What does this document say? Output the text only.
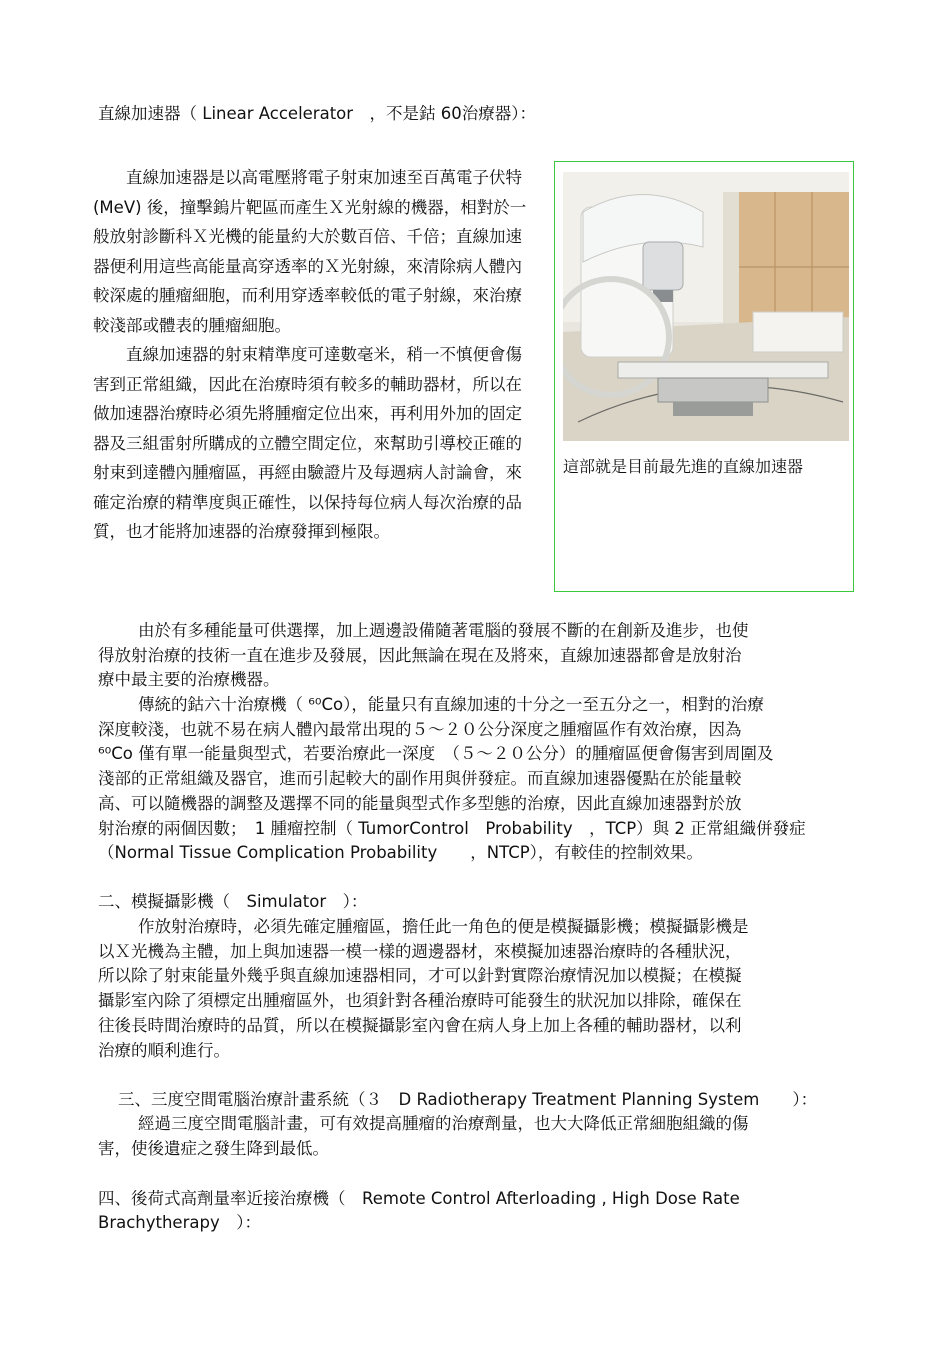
直線加速器（ Linear Accelerator　，不是鈷 60治療器）：

直線加速器是以高電壓將電子射束加速至百萬電子伏特 (MeV) 後，撞擊鎢片靶區而產生Ｘ光射線的機器，相對於一般放射診斷科Ｘ光機的能量約大於數百倍、千倍；直線加速器便利用這些高能量高穿透率的Ｘ光射線，來清除病人體內較深處的腫瘤細胞，而利用穿透率較低的電子射線，來治療較淺部或體表的腫瘤細胞。

直線加速器的射束精準度可達數毫米，稍一不慎便會傷害到正常組織，因此在治療時須有較多的輔助器材，所以在做加速器治療時必須先將腫瘤定位出來，再利用外加的固定器及三組雷射所購成的立體空間定位，來幫助引導校正確的射束到達體內腫瘤區，再經由驗證片及每週病人討論會，來確定治療的精準度與正確性，以保持每位病人每次治療的品質，也才能將加速器的治療發揮到極限。

這部就是目前最先進的直線加速器
由於有多種能量可供選擇，加上週邊設備隨著電腦的發展不斷的在創新及進步，也使
得放射治療的技術一直在進步及發展，因此無論在現在及將來，直線加速器都會是放射治
療中最主要的治療機器。
傳統的鈷六十治療機（ ⁶⁰Co），能量只有直線加速的十分之一至五分之一，相對的治療
深度較淺，也就不易在病人體內最常出現的５～２０公分深度之腫瘤區作有效治療，因為
⁶⁰Co 僅有單一能量與型式，若要治療此一深度　（５～２０公分）的腫瘤區便會傷害到周圍及
淺部的正常組織及器官，進而引起較大的副作用與併發症。而直線加速器優點在於能量較
高、可以隨機器的調整及選擇不同的能量與型式作多型態的治療，因此直線加速器對於放
射治療的兩個因數；　1 腫瘤控制（ TumorControl　Probability　，TCP）與 2 正常組織併發症
（Normal Tissue Complication Probability　　，NTCP），有較佳的控制效果。
二、模擬攝影機（　Simulator　）：
作放射治療時，必須先確定腫瘤區，擔任此一角色的便是模擬攝影機；模擬攝影機是
以Ｘ光機為主體，加上與加速器一模一樣的週邊器材，來模擬加速器治療時的各種狀況，
所以除了射束能量外幾乎與直線加速器相同，才可以針對實際治療情況加以模擬；在模擬
攝影室內除了須標定出腫瘤區外，也須針對各種治療時可能發生的狀況加以排除，確保在
往後長時間治療時的品質，所以在模擬攝影室內會在病人身上加上各種的輔助器材，以利
治療的順利進行。
三、三度空間電腦治療計畫系統（３　D Radiotherapy Treatment Planning System　　）：
經過三度空間電腦計畫，可有效提高腫瘤的治療劑量，也大大降低正常細胞組織的傷
害，使後遺症之發生降到最低。
四、後荷式高劑量率近接治療機（　Remote Control Afterloading , High Dose Rate
Brachytherapy　）：
